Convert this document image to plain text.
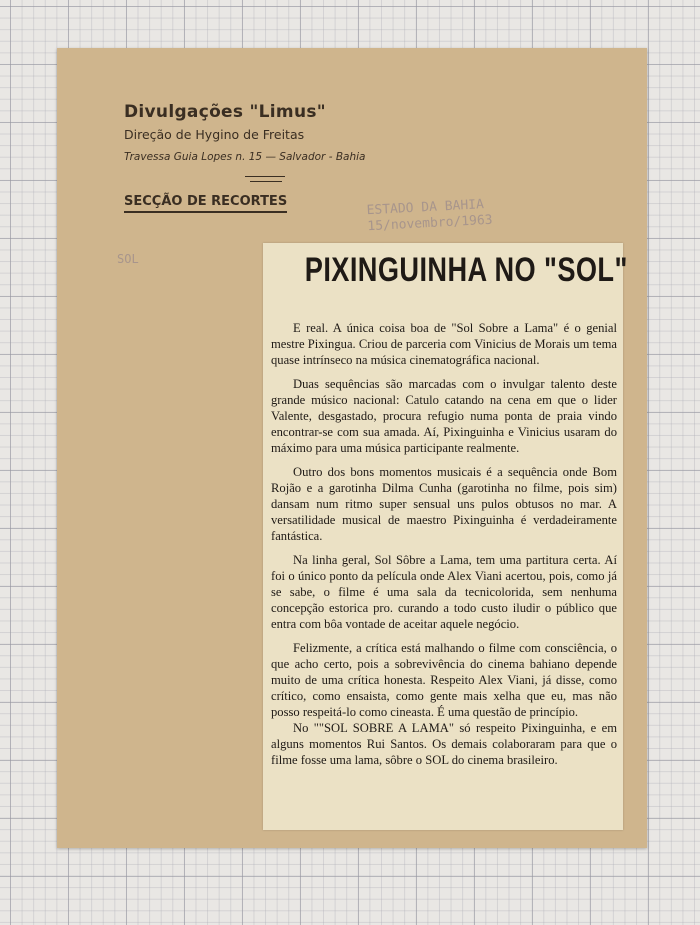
Divulgações "Limus"
Direção de Hygino de Freitas
Travessa Guia Lopes n. 15 — Salvador - Bahia
SECÇÃO DE RECORTES	ESTADO DA BAHIA
15/novembro/1963
SOL	PIXINGUINHA NO "SOL"

E real. A única coisa boa de "Sol Sobre a Lama" é o genial mestre Pixingua. Criou de parceria com Vinicius de Morais um tema quase intrínseco na música cinematográfica nacional.

Duas sequências são marcadas com o invulgar talento deste grande músico nacional: Catulo catando na cena em que o lider Valente, desgastado, procura refugio numa ponta de praia vindo encontrar-se com sua amada. Aí, Pixinguinha e Vinicius usaram do máximo para uma música participante realmente.

Outro dos bons momentos musicais é a sequência onde Bom Rojão e a garotinha Dilma Cunha (garotinha no filme, pois sim) dansam num ritmo super sensual uns pulos obtusos no mar. A versatilidade musical de maestro Pixinguinha é verdadeiramente fantástica.

Na linha geral, Sol Sôbre a Lama, tem uma partitura certa. Aí foi o único ponto da película onde Alex Viani acertou, pois, como já se sabe, o filme é uma sala da tecnicolorida, sem nenhuma concepção estorica pro. curando a todo custo iludir o público que entra com bôa vontade de aceitar aquele negócio.

Felizmente, a crítica está malhando o filme com consciência, o que acho certo, pois a sobrevivência do cinema bahiano depende muito de uma crítica honesta. Respeito Alex Viani, já disse, como crítico, como ensaista, como gente mais xelha que eu, mas não posso respeitá-lo como cineasta. É uma questão de princípio.

No ""SOL SOBRE A LAMA" só respeito Pixinguinha, e em alguns momentos Rui Santos. Os demais colaboraram para que o filme fosse uma lama, sôbre o SOL do cinema brasileiro.
